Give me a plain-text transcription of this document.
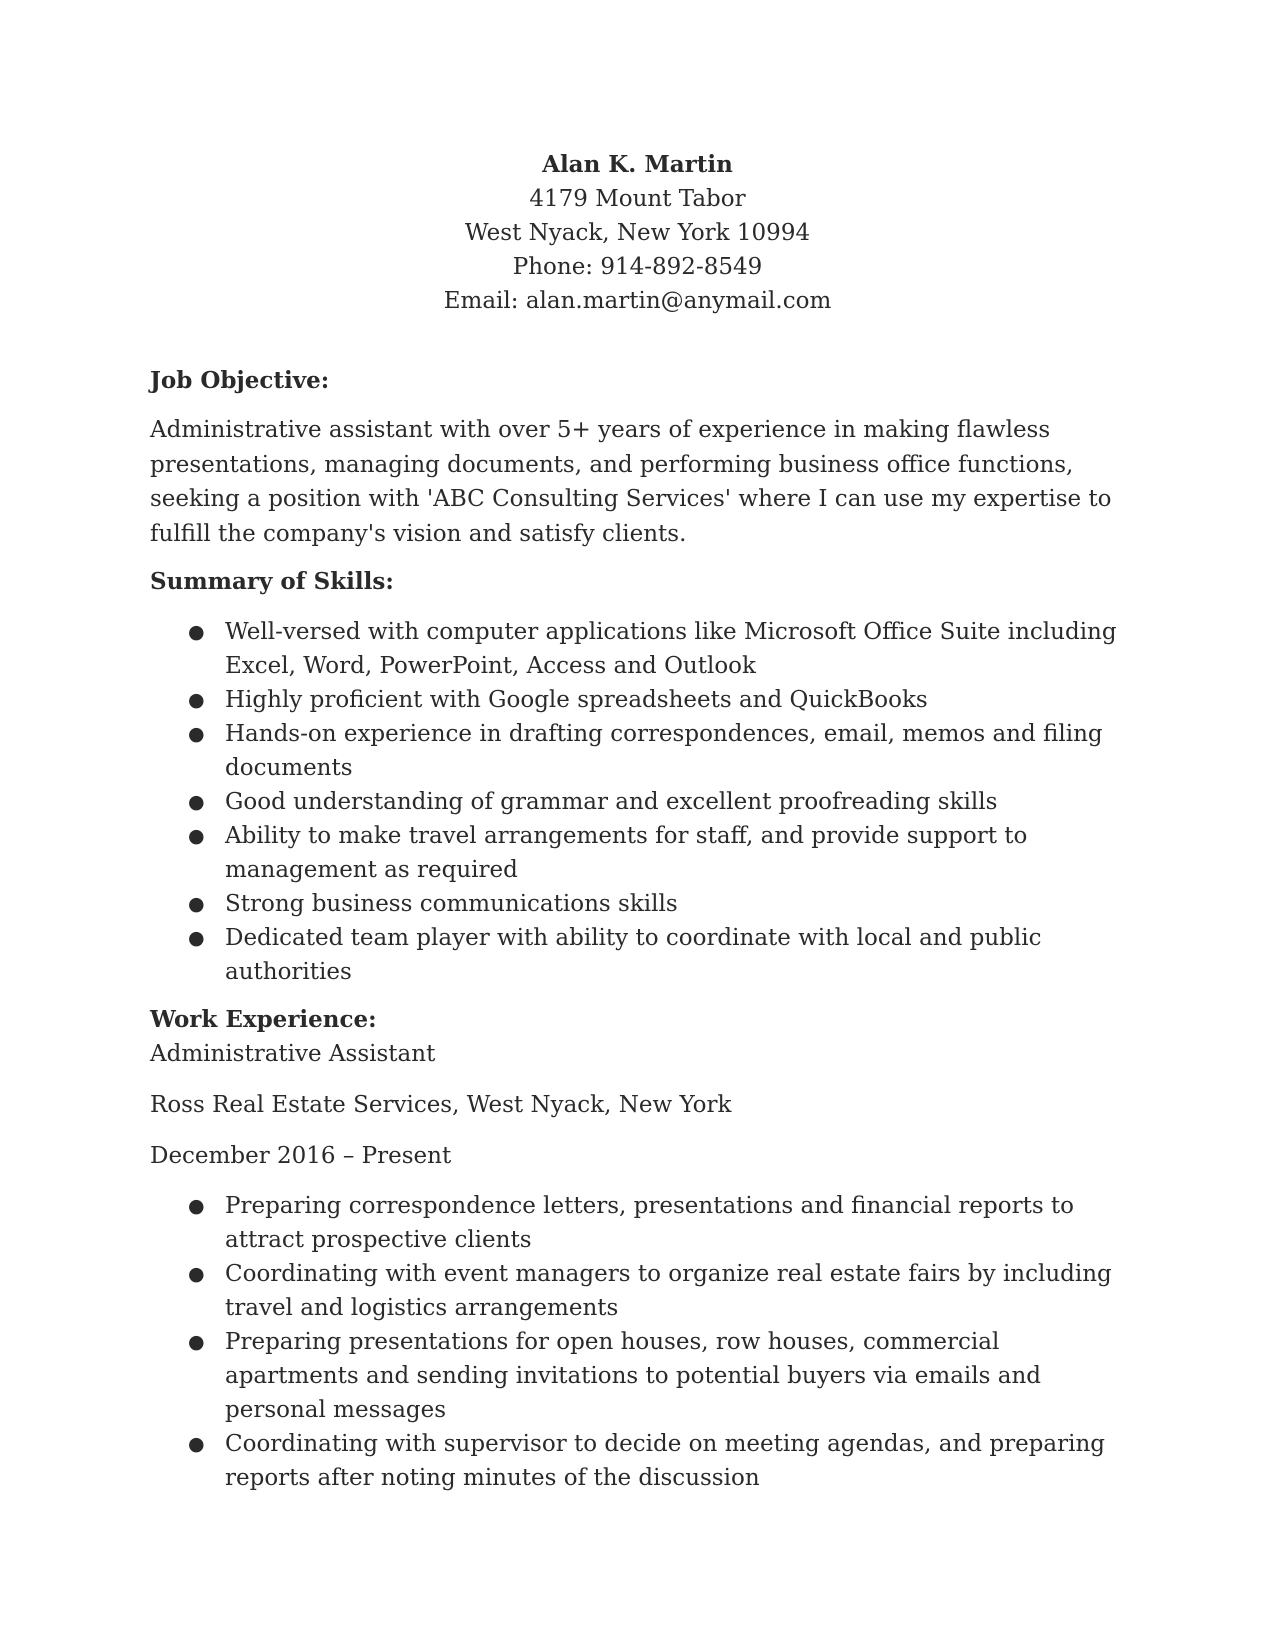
Alan K. Martin
4179 Mount Tabor
West Nyack, New York 10994
Phone: 914-892-8549
Email: alan.martin@anymail.com
Job Objective:

Administrative assistant with over 5+ years of experience in making flawless presentations, managing documents, and performing business office functions, seeking a position with 'ABC Consulting Services' where I can use my expertise to fulfill the company's vision and satisfy clients.

Summary of Skills:
● Well-versed with computer applications like Microsoft Office Suite including Excel, Word, PowerPoint, Access and Outlook
● Highly proficient with Google spreadsheets and QuickBooks
● Hands-on experience in drafting correspondences, email, memos and filing documents
● Good understanding of grammar and excellent proofreading skills
● Ability to make travel arrangements for staff, and provide support to management as required
● Strong business communications skills
● Dedicated team player with ability to coordinate with local and public authorities
Work Experience:

Administrative Assistant

Ross Real Estate Services, West Nyack, New York

December 2016 – Present

● Preparing correspondence letters, presentations and financial reports to attract prospective clients
● Coordinating with event managers to organize real estate fairs by including travel and logistics arrangements
● Preparing presentations for open houses, row houses, commercial apartments and sending invitations to potential buyers via emails and personal messages
● Coordinating with supervisor to decide on meeting agendas, and preparing reports after noting minutes of the discussion
